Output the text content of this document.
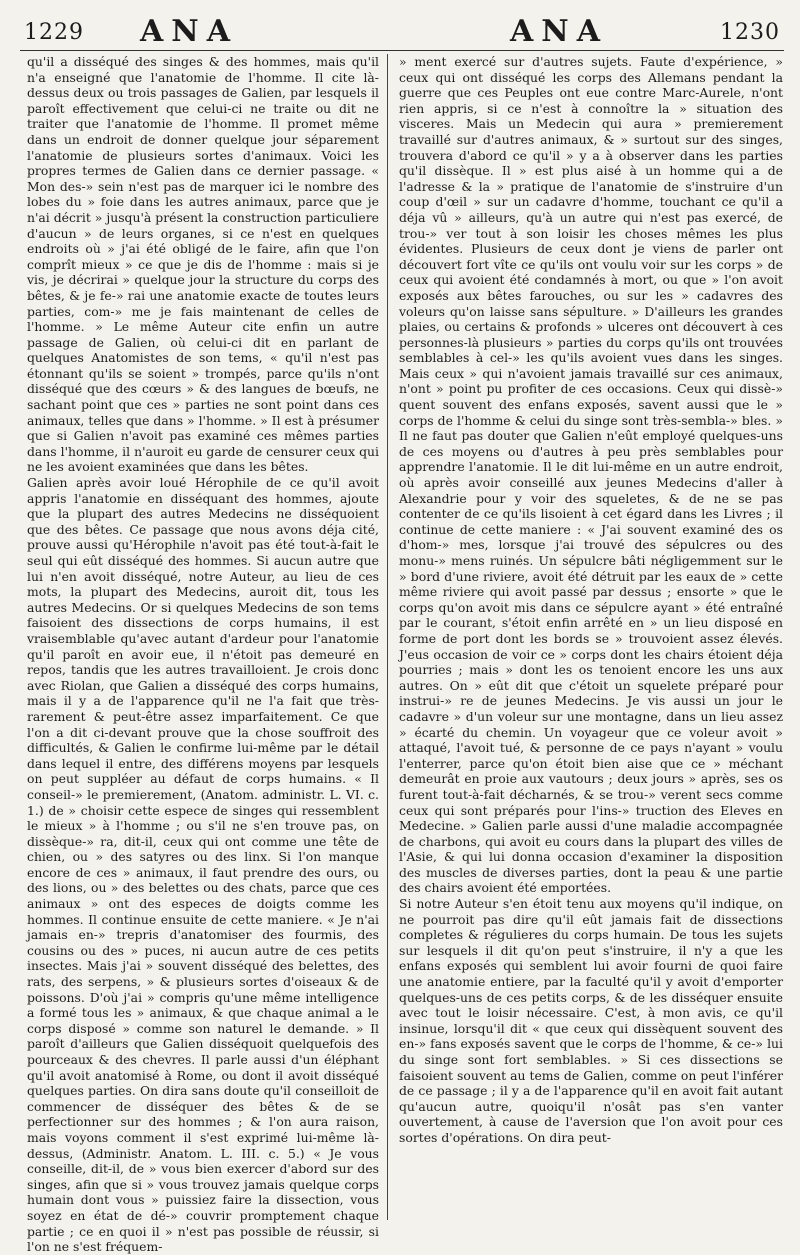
1229 ANA	ANA	1230

qu'il a disséqué des singes & des hommes, mais qu'il n'a enseigné que l'anatomie de l'homme. Il cite là-dessus deux ou trois passages de Galien, par lesquels il paroît effectivement que celui-ci ne traite ou dit ne traiter que l'anatomie de l'homme. Il promet même dans un endroit de donner quelque jour séparement l'anatomie de plusieurs sortes d'animaux. Voici les propres termes de Galien dans ce dernier passage. « Mon des-» sein n'est pas de marquer ici le nombre des lobes du » foie dans les autres animaux, parce que je n'ai décrit » jusqu'à présent la construction particuliere d'aucun » de leurs organes, si ce n'est en quelques endroits où » j'ai été obligé de le faire, afin que l'on comprît mieux » ce que je dis de l'homme : mais si je vis, je décrirai » quelque jour la structure du corps des bêtes, & je fe-» rai une anatomie exacte de toutes leurs parties, com-» me je fais maintenant de celles de l'homme. » Le même Auteur cite enfin un autre passage de Galien, où celui-ci dit en parlant de quelques Anatomistes de son tems, « qu'il n'est pas étonnant qu'ils se soient » trompés, parce qu'ils n'ont disséqué que des cœurs » & des langues de bœufs, ne sachant point que ces » parties ne sont point dans ces animaux, telles que dans » l'homme. » Il est à présumer que si Galien n'avoit pas examiné ces mêmes parties dans l'homme, il n'auroit eu garde de censurer ceux qui ne les avoient examinées que dans les bêtes.

Galien après avoir loué Hérophile de ce qu'il avoit appris l'anatomie en disséquant des hommes, ajoute que la plupart des autres Medecins ne disséquoient que des bêtes. Ce passage que nous avons déja cité, prouve aussi qu'Hérophile n'avoit pas été tout-à-fait le seul qui eût disséqué des hommes. Si aucun autre que lui n'en avoit disséqué, notre Auteur, au lieu de ces mots, la plupart des Medecins, auroit dit, tous les autres Medecins. Or si quelques Medecins de son tems faisoient des dissections de corps humains, il est vraisemblable qu'avec autant d'ardeur pour l'anatomie qu'il paroît en avoir eue, il n'étoit pas demeuré en repos, tandis que les autres travailloient. Je crois donc avec Riolan, que Galien a disséqué des corps humains, mais il y a de l'apparence qu'il ne l'a fait que très-rarement & peut-être assez imparfaitement. Ce que l'on a dit ci-devant prouve que la chose souffroit des difficultés, & Galien le confirme lui-même par le détail dans lequel il entre, des différens moyens par lesquels on peut suppléer au défaut de corps humains. « Il conseil-» le premierement, (Anatom. administr. L. VI. c. 1.) de » choisir cette espece de singes qui ressemblent le mieux » à l'homme ; ou s'il ne s'en trouve pas, on dissèque-» ra, dit-il, ceux qui ont comme une tête de chien, ou » des satyres ou des linx. Si l'on manque encore de ces » animaux, il faut prendre des ours, ou des lions, ou » des belettes ou des chats, parce que ces animaux » ont des especes de doigts comme les hommes. Il continue ensuite de cette maniere. « Je n'ai jamais en-» trepris d'anatomiser des fourmis, des cousins ou des » puces, ni aucun autre de ces petits insectes. Mais j'ai » souvent disséqué des belettes, des rats, des serpens, » & plusieurs sortes d'oiseaux & de poissons. D'où j'ai » compris qu'une même intelligence a formé tous les » animaux, & que chaque animal a le corps disposé » comme son naturel le demande. » Il paroît d'ailleurs que Galien disséquoit quelquefois des pourceaux & des chevres. Il parle aussi d'un éléphant qu'il avoit anatomisé à Rome, ou dont il avoit disséqué quelques parties. On dira sans doute qu'il conseilloit de commencer de disséquer des bêtes & de se perfectionner sur des hommes ; & l'on aura raison, mais voyons comment il s'est exprimé lui-même là-dessus, (Administr. Anatom. L. III. c. 5.) « Je vous conseille, dit-il, de » vous bien exercer d'abord sur des singes, afin que si » vous trouvez jamais quelque corps humain dont vous » puissiez faire la dissection, vous soyez en état de dé-» couvrir promptement chaque partie ; ce en quoi il » n'est pas possible de réussir, si l'on ne s'est fréquem-

» ment exercé sur d'autres sujets. Faute d'expérience, » ceux qui ont disséqué les corps des Allemans pendant la guerre que ces Peuples ont eue contre Marc-Aurele, n'ont rien appris, si ce n'est à connoître la » situation des visceres. Mais un Medecin qui aura » premierement travaillé sur d'autres animaux, & » surtout sur des singes, trouvera d'abord ce qu'il » y a à observer dans les parties qu'il dissèque. Il » est plus aisé à un homme qui a de l'adresse & la » pratique de l'anatomie de s'instruire d'un coup d'œil » sur un cadavre d'homme, touchant ce qu'il a déja vû » ailleurs, qu'à un autre qui n'est pas exercé, de trou-» ver tout à son loisir les choses mêmes les plus évidentes. Plusieurs de ceux dont je viens de parler ont découvert fort vîte ce qu'ils ont voulu voir sur les corps » de ceux qui avoient été condamnés à mort, ou que » l'on avoit exposés aux bêtes farouches, ou sur les » cadavres des voleurs qu'on laisse sans sépulture. » D'ailleurs les grandes plaies, ou certains & profonds » ulceres ont découvert à ces personnes-là plusieurs » parties du corps qu'ils ont trouvées semblables à cel-» les qu'ils avoient vues dans les singes. Mais ceux » qui n'avoient jamais travaillé sur ces animaux, n'ont » point pu profiter de ces occasions. Ceux qui dissè-» quent souvent des enfans exposés, savent aussi que le » corps de l'homme & celui du singe sont très-sembla-» bles. » Il ne faut pas douter que Galien n'eût employé quelques-uns de ces moyens ou d'autres à peu près semblables pour apprendre l'anatomie. Il le dit lui-même en un autre endroit, où après avoir conseillé aux jeunes Medecins d'aller à Alexandrie pour y voir des squeletes, & de ne se pas contenter de ce qu'ils lisoient à cet égard dans les Livres ; il continue de cette maniere : « J'ai souvent examiné des os d'hom-» mes, lorsque j'ai trouvé des sépulcres ou des monu-» mens ruinés. Un sépulcre bâti négligemment sur le » bord d'une riviere, avoit été détruit par les eaux de » cette même riviere qui avoit passé par dessus ; ensorte » que le corps qu'on avoit mis dans ce sépulcre ayant » été entraîné par le courant, s'étoit enfin arrêté en » un lieu disposé en forme de port dont les bords se » trouvoient assez élevés. J'eus occasion de voir ce » corps dont les chairs étoient déja pourries ; mais » dont les os tenoient encore les uns aux autres. On » eût dit que c'étoit un squelete préparé pour instrui-» re de jeunes Medecins. Je vis aussi un jour le cadavre » d'un voleur sur une montagne, dans un lieu assez » écarté du chemin. Un voyageur que ce voleur avoit » attaqué, l'avoit tué, & personne de ce pays n'ayant » voulu l'enterrer, parce qu'on étoit bien aise que ce » méchant demeurât en proie aux vautours ; deux jours » après, ses os furent tout-à-fait décharnés, & se trou-» verent secs comme ceux qui sont préparés pour l'ins-» truction des Eleves en Medecine. » Galien parle aussi d'une maladie accompagnée de charbons, qui avoit eu cours dans la plupart des villes de l'Asie, & qui lui donna occasion d'examiner la disposition des muscles de diverses parties, dont la peau & une partie des chairs avoient été emportées.

Si notre Auteur s'en étoit tenu aux moyens qu'il indique, on ne pourroit pas dire qu'il eût jamais fait de dissections completes & régulieres du corps humain. De tous les sujets sur lesquels il dit qu'on peut s'instruire, il n'y a que les enfans exposés qui semblent lui avoir fourni de quoi faire une anatomie entiere, par la faculté qu'il y avoit d'emporter quelques-uns de ces petits corps, & de les disséquer ensuite avec tout le loisir nécessaire. C'est, à mon avis, ce qu'il insinue, lorsqu'il dit « que ceux qui dissèquent souvent des en-» fans exposés savent que le corps de l'homme, & ce-» lui du singe sont fort semblables. » Si ces dissections se faisoient souvent au tems de Galien, comme on peut l'inférer de ce passage ; il y a de l'apparence qu'il en avoit fait autant qu'aucun autre, quoiqu'il n'osât pas s'en vanter ouvertement, à cause de l'aversion que l'on avoit pour ces sortes d'opérations. On dira peut-
